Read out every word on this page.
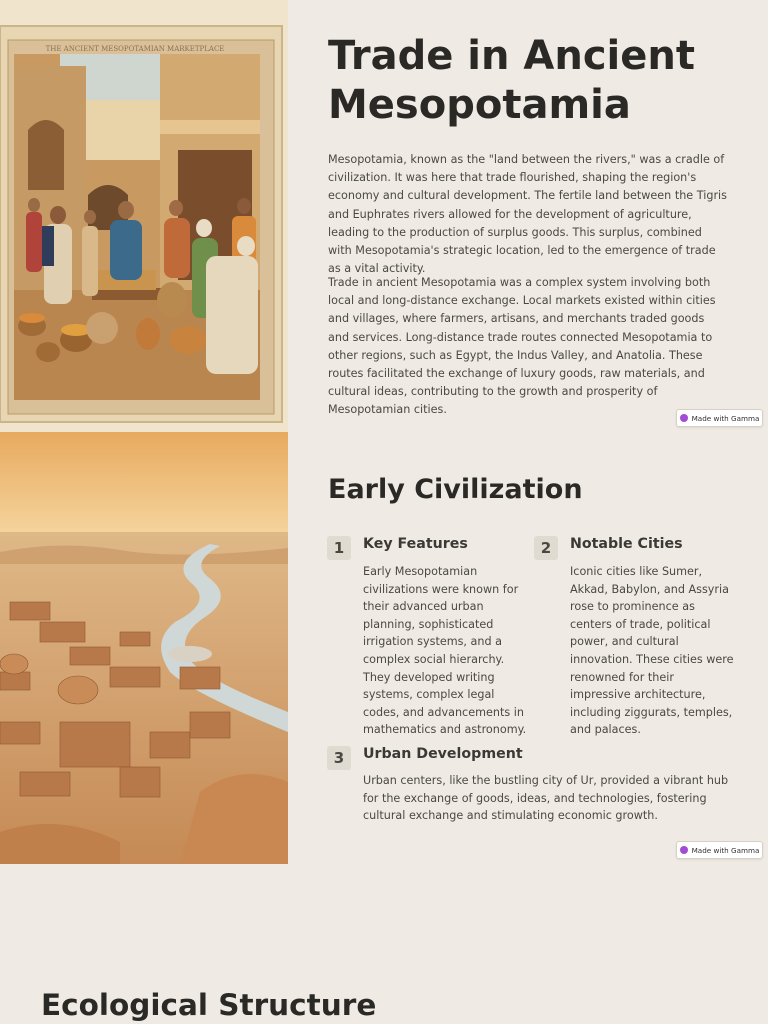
THE ANCIENT MESOPOTAMIAN MARKETPLACE	Trade in Ancient Mesopotamia

Mesopotamia, known as the "land between the rivers," was a cradle of civilization. It was here that trade flourished, shaping the region's economy and cultural development. The fertile land between the Tigris and Euphrates rivers allowed for the development of agriculture, leading to the production of surplus goods. This surplus, combined with Mesopotamia's strategic location, led to the emergence of trade as a vital activity.

Trade in ancient Mesopotamia was a complex system involving both local and long-distance exchange. Local markets existed within cities and villages, where farmers, artisans, and merchants traded goods and services. Long-distance trade routes connected Mesopotamia to other regions, such as Egypt, the Indus Valley, and Anatolia. These routes facilitated the exchange of luxury goods, raw materials, and cultural ideas, contributing to the growth and prosperity of Mesopotamian cities.

Made with Gamma
Early Civilization
1	Key Features

Early Mesopotamian civilizations were known for their advanced urban planning, sophisticated irrigation systems, and a complex social hierarchy. They developed writing systems, complex legal codes, and advancements in mathematics and astronomy.

2	Notable Cities

Iconic cities like Sumer, Akkad, Babylon, and Assyria rose to prominence as centers of trade, political power, and cultural innovation. These cities were renowned for their impressive architecture, including ziggurats, temples, and palaces.

3	Urban Development

Urban centers, like the bustling city of Ur, provided a vibrant hub for the exchange of goods, ideas, and technologies, fostering cultural exchange and stimulating economic growth.

Made with Gamma
Ecological Structure
